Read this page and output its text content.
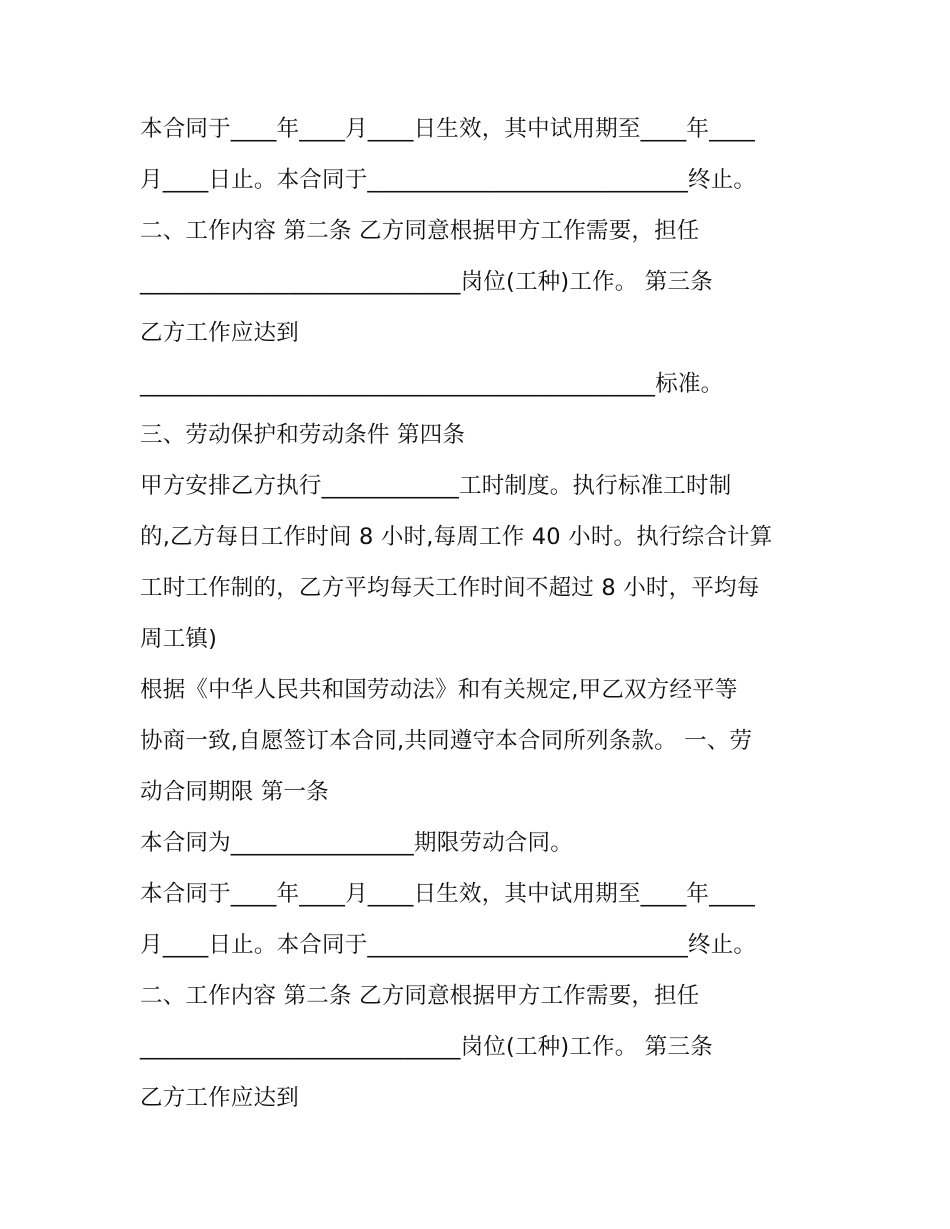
本合同于____年____月____日生效，其中试用期至____年____
月____日止。本合同于____________________________终止。
二、工作内容 第二条 乙方同意根据甲方工作需要，担任
____________________________岗位(工种)工作。 第三条
乙方工作应达到
_____________________________________________标准。
三、劳动保护和劳动条件 第四条
甲方安排乙方执行____________工时制度。执行标准工时制
的,乙方每日工作时间 8 小时,每周工作 40 小时。执行综合计算
工时工作制的，乙方平均每天工作时间不超过 8 小时，平均每
周工镇)
根据《中华人民共和国劳动法》和有关规定,甲乙双方经平等
协商一致,自愿签订本合同,共同遵守本合同所列条款。 一、劳
动合同期限 第一条
本合同为________________期限劳动合同。
本合同于____年____月____日生效，其中试用期至____年____
月____日止。本合同于____________________________终止。
二、工作内容 第二条 乙方同意根据甲方工作需要，担任
____________________________岗位(工种)工作。 第三条
乙方工作应达到
